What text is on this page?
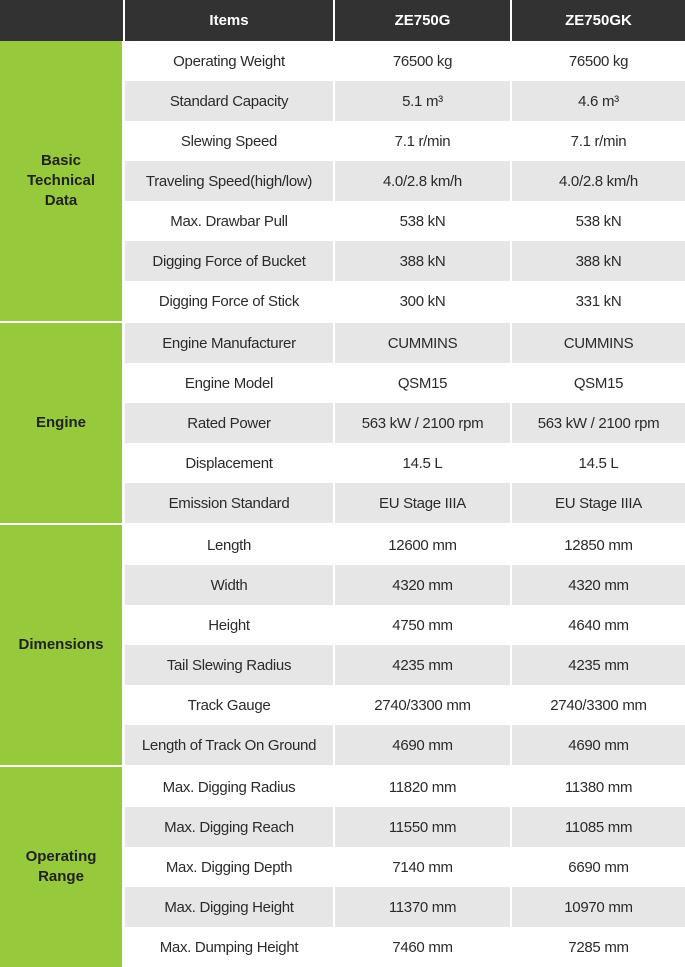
	Items	ZE750G	ZE750GK
Basic
Technical
Data	Operating Weight	76500 kg	76500 kg
	Standard Capacity	5.1 m³	4.6 m³
	Slewing Speed	7.1 r/min	7.1 r/min
	Traveling Speed(high/low)	4.0/2.8 km/h	4.0/2.8 km/h
	Max. Drawbar Pull	538 kN	538 kN
	Digging Force of Bucket	388 kN	388 kN
	Digging Force of Stick	300 kN	331 kN
Engine	Engine Manufacturer	CUMMINS	CUMMINS
	Engine Model	QSM15	QSM15
	Rated Power	563 kW / 2100 rpm	563 kW / 2100 rpm
	Displacement	14.5 L	14.5 L
	Emission Standard	EU Stage IIIA	EU Stage IIIA
Dimensions	Length	12600 mm	12850 mm
	Width	4320 mm	4320 mm
	Height	4750 mm	4640 mm
	Tail Slewing Radius	4235 mm	4235 mm
	Track Gauge	2740/3300 mm	2740/3300 mm
	Length of Track On Ground	4690 mm	4690 mm
Operating
Range	Max. Digging Radius	11820 mm	11380 mm
	Max. Digging Reach	11550 mm	11085 mm
	Max. Digging Depth	7140 mm	6690 mm
	Max. Digging Height	11370 mm	10970 mm
	Max. Dumping Height	7460 mm	7285 mm
